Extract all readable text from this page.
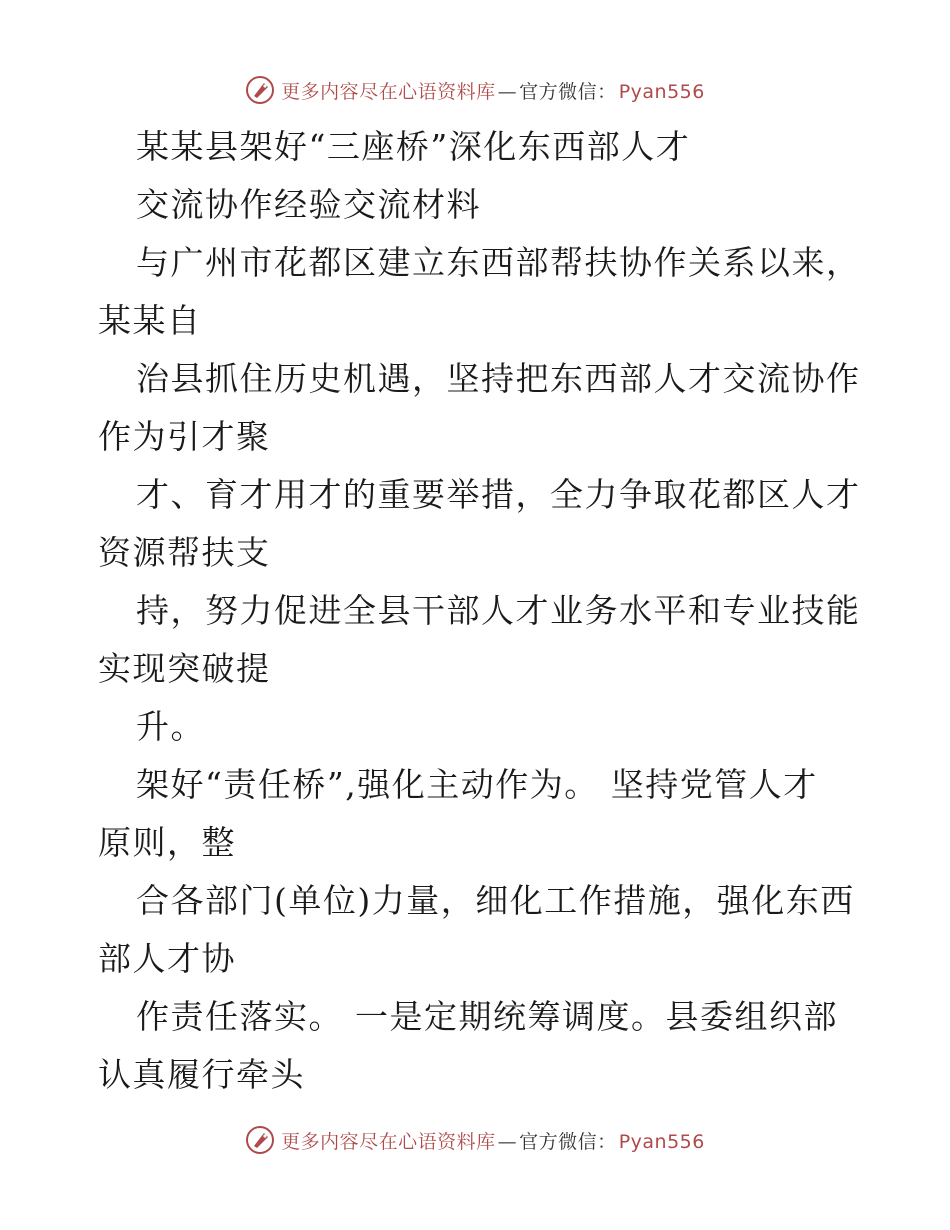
更多内容尽在心语资料库 — 官方微信： Pyan556
某某县架好“三座桥”深化东西部人才
交流协作经验交流材料
与广州市花都区建立东西部帮扶协作关系以来，
某某自
治县抓住历史机遇，坚持把东西部人才交流协作
作为引才聚
才、育才用才的重要举措，全力争取花都区人才
资源帮扶支
持，努力促进全县干部人才业务水平和专业技能
实现突破提
升。
架好“责任桥”,强化主动作为。 坚持党管人才
原则，整
合各部门(单位)力量，细化工作措施，强化东西
部人才协
作责任落实。 一是定期统筹调度。县委组织部
认真履行牵头
更多内容尽在心语资料库 — 官方微信： Pyan556
